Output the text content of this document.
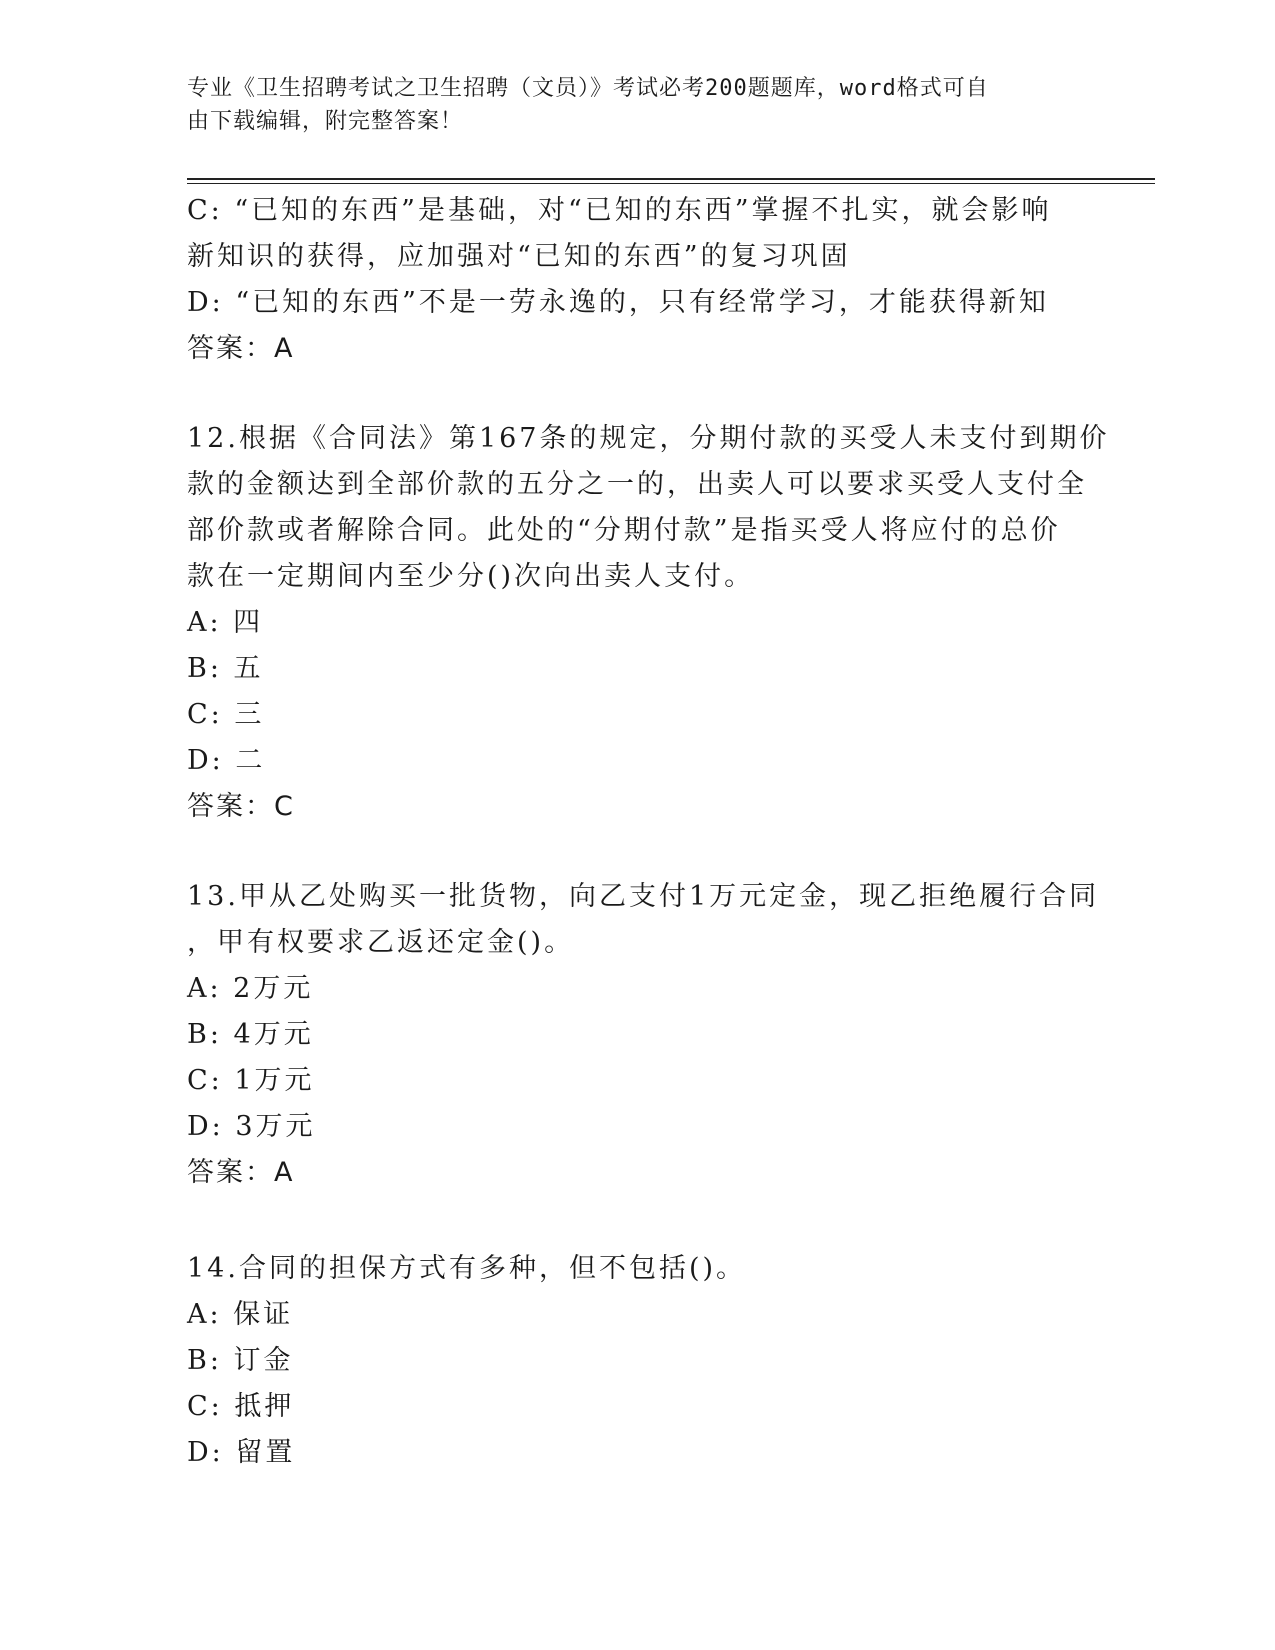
专业《卫生招聘考试之卫生招聘（文员）》考试必考200题题库，word格式可自
由下载编辑，附完整答案！
C: “已知的东西”是基础，对“已知的东西”掌握不扎实，就会影响
新知识的获得，应加强对“已知的东西”的复习巩固
D: “已知的东西”不是一劳永逸的，只有经常学习，才能获得新知
答案：A
12.根据《合同法》第167条的规定，分期付款的买受人未支付到期价
款的金额达到全部价款的五分之一的，出卖人可以要求买受人支付全
部价款或者解除合同。此处的“分期付款”是指买受人将应付的总价
款在一定期间内至少分()次向出卖人支付。
A: 四
B: 五
C: 三
D: 二
答案：C
13.甲从乙处购买一批货物，向乙支付1万元定金，现乙拒绝履行合同
，甲有权要求乙返还定金()。
A: 2万元
B: 4万元
C: 1万元
D: 3万元
答案：A
14.合同的担保方式有多种，但不包括()。
A: 保证
B: 订金
C: 抵押
D: 留置
